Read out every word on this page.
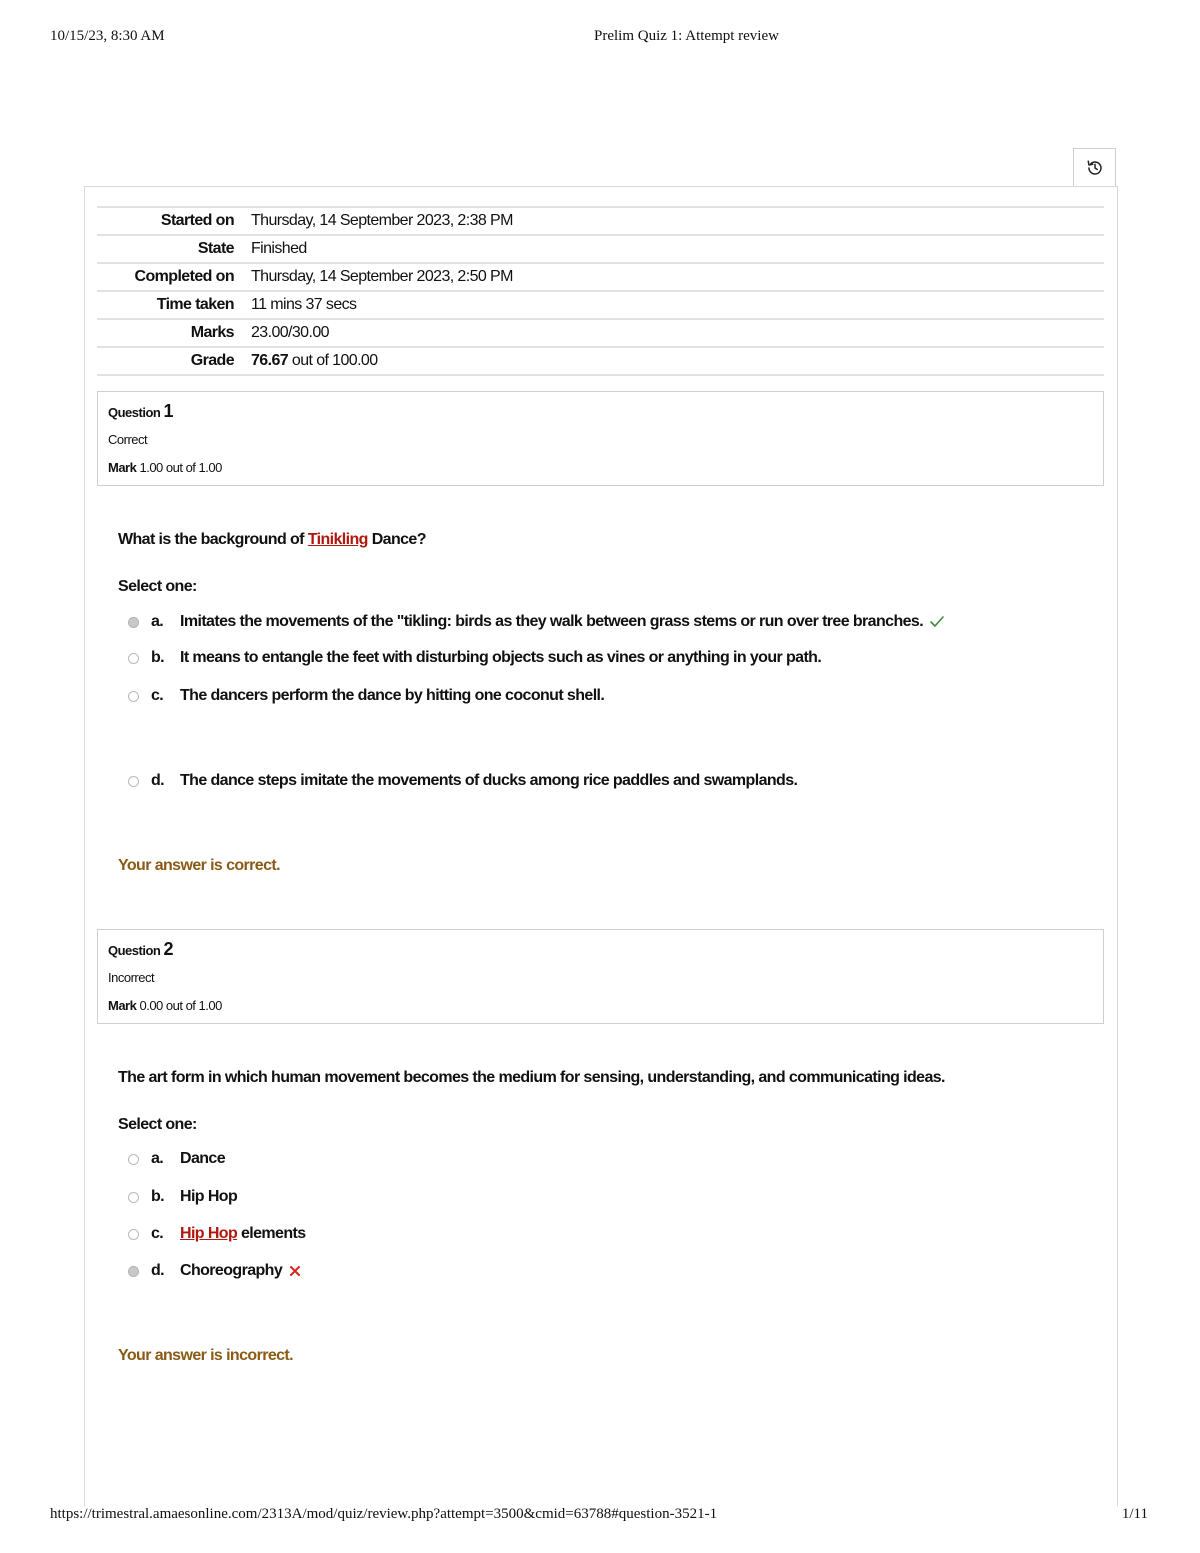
10/15/23, 8:30 AM	Prelim Quiz 1: Attempt review
Started on	Thursday, 14 September 2023, 2:38 PM
State	Finished
Completed on	Thursday, 14 September 2023, 2:50 PM
Time taken	11 mins 37 secs
Marks	23.00/30.00
Grade	76.67 out of 100.00
Question 1
Correct
Mark 1.00 out of 1.00
What is the background of Tinikling Dance?
Select one:
a.	Imitates the movements of the "tikling: birds as they walk between grass stems or run over tree branches.
b. It means to entangle the feet with disturbing objects such as vines or anything in your path.
c.	The dancers perform the dance by hitting one coconut shell.
d. The dance steps imitate the movements of ducks among rice paddles and swamplands.
Your answer is correct.
Question 2
Incorrect
Mark 0.00 out of 1.00
The art form in which human movement becomes the medium for sensing, understanding, and communicating ideas.
Select one:
a.	Dance
b. Hip Hop
c.	Hip Hop elements
d. Choreography
Your answer is incorrect.
https://trimestral.amaesonline.com/2313A/mod/quiz/review.php?attempt=3500&cmid=63788#question-3521-1	1/11
